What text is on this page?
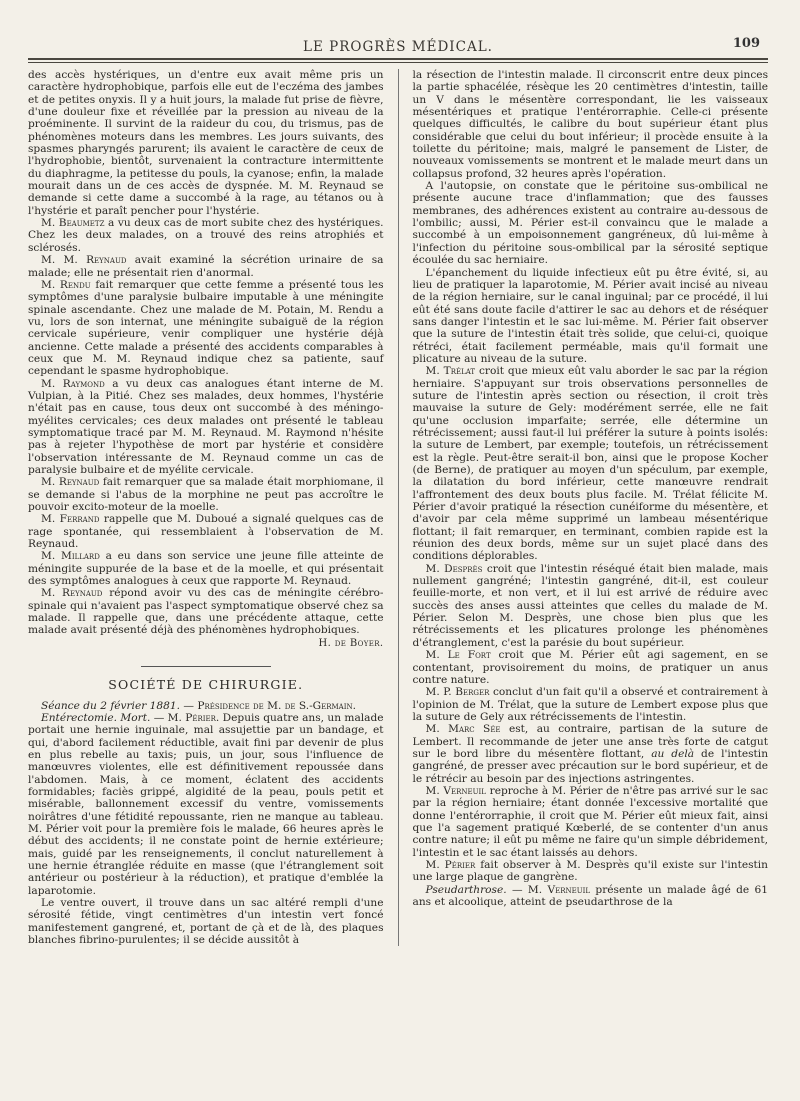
LE PROGRÈS MÉDICAL.	109

des accès hystériques, un d'entre eux avait même pris un caractère hydrophobique, parfois elle eut de l'eczéma des jambes et de petites onyxis. Il y a huit jours, la malade fut prise de fièvre, d'une douleur fixe et réveillée par la pression au niveau de la proéminente. Il survint de la raideur du cou, du trismus, pas de phénomènes moteurs dans les membres. Les jours suivants, des spasmes pharyngés parurent; ils avaient le caractère de ceux de l'hydrophobie, bientôt, survenaient la contracture intermittente du diaphragme, la petitesse du pouls, la cyanose; enfin, la malade mourait dans un de ces accès de dyspnée. M. M. Reynaud se demande si cette dame a succombé à la rage, au tétanos ou à l'hystérie et paraît pencher pour l'hystérie.

M. Beaumetz a vu deux cas de mort subite chez des hystériques. Chez les deux malades, on a trouvé des reins atrophiés et sclérosés.

M. M. Reynaud avait examiné la sécrétion urinaire de sa malade; elle ne présentait rien d'anormal.

M. Rendu fait remarquer que cette femme a présenté tous les symptômes d'une paralysie bulbaire imputable à une méningite spinale ascendante. Chez une malade de M. Potain, M. Rendu a vu, lors de son internat, une méningite subaiguë de la région cervicale supérieure, venir compliquer une hystérie déjà ancienne. Cette malade a présenté des accidents comparables à ceux que M. M. Reynaud indique chez sa patiente, sauf cependant le spasme hydrophobique.

M. Raymond a vu deux cas analogues étant interne de M. Vulpian, à la Pitié. Chez ses malades, deux hommes, l'hystérie n'était pas en cause, tous deux ont succombé à des méningo-myélites cervicales; ces deux malades ont présenté le tableau symptomatique tracé par M. M. Reynaud. M. Raymond n'hésite pas à rejeter l'hypothèse de mort par hystérie et considère l'observation intéressante de M. Reynaud comme un cas de paralysie bulbaire et de myélite cervicale.

M. Reynaud fait remarquer que sa malade était morphiomane, il se demande si l'abus de la morphine ne peut pas accroître le pouvoir excito-moteur de la moelle.

M. Ferrand rappelle que M. Duboué a signalé quelques cas de rage spontanée, qui ressemblaient à l'observation de M. Reynaud.

M. Millard a eu dans son service une jeune fille atteinte de méningite suppurée de la base et de la moelle, et qui présentait des symptômes analogues à ceux que rapporte M. Reynaud.

M. Reynaud répond avoir vu des cas de méningite cérébro-spinale qui n'avaient pas l'aspect symptomatique observé chez sa malade. Il rappelle que, dans une précédente attaque, cette malade avait présenté déjà des phénomènes hydrophobiques.

H. de Boyer.
SOCIÉTÉ DE CHIRURGIE.

Séance du 2 février 1881. — Présidence de M. de S.-Germain.

Entérectomie. Mort. — M. Périer. Depuis quatre ans, un malade portait une hernie inguinale, mal assujettie par un bandage, et qui, d'abord facilement réductible, avait fini par devenir de plus en plus rebelle au taxis; puis, un jour, sous l'influence de manœuvres violentes, elle est définitivement repoussée dans l'abdomen. Mais, à ce moment, éclatent des accidents formidables; faciès grippé, algidité de la peau, pouls petit et misérable, ballonnement excessif du ventre, vomissements noirâtres d'une fétidité repoussante, rien ne manque au tableau. M. Périer voit pour la première fois le malade, 66 heures après le début des accidents; il ne constate point de hernie extérieure; mais, guidé par les renseignements, il conclut naturellement à une hernie étranglée réduite en masse (que l'étranglement soit antérieur ou postérieur à la réduction), et pratique d'emblée la laparotomie.

Le ventre ouvert, il trouve dans un sac altéré rempli d'une sérosité fétide, vingt centimètres d'un intestin vert foncé manifestement gangrené, et, portant de çà et de là, des plaques blanches fibrino-purulentes; il se décide aussitôt à

la résection de l'intestin malade. Il circonscrit entre deux pinces la partie sphacélée, résèque les 20 centimètres d'intestin, taille un V dans le mésentère correspondant, lie les vaisseaux mésentériques et pratique l'entérorraphie. Celle-ci présente quelques difficultés, le calibre du bout supérieur étant plus considérable que celui du bout inférieur; il procède ensuite à la toilette du péritoine; mais, malgré le pansement de Lister, de nouveaux vomissements se montrent et le malade meurt dans un collapsus profond, 32 heures après l'opération.

A l'autopsie, on constate que le péritoine sus-ombilical ne présente aucune trace d'inflammation; que des fausses membranes, des adhérences existent au contraire au-dessous de l'ombilic; aussi, M. Périer est-il convaincu que le malade a succombé à un empoisonnement gangréneux, dû lui-même à l'infection du péritoine sous-ombilical par la sérosité septique écoulée du sac herniaire.

L'épanchement du liquide infectieux eût pu être évité, si, au lieu de pratiquer la laparotomie, M. Périer avait incisé au niveau de la région herniaire, sur le canal inguinal; par ce procédé, il lui eût été sans doute facile d'attirer le sac au dehors et de réséquer sans danger l'intestin et le sac lui-même. M. Périer fait observer que la suture de l'intestin était très solide, que celui-ci, quoique rétréci, était facilement perméable, mais qu'il formait une plicature au niveau de la suture.

M. Trélat croit que mieux eût valu aborder le sac par la région herniaire. S'appuyant sur trois observations personnelles de suture de l'intestin après section ou résection, il croit très mauvaise la suture de Gely: modérément serrée, elle ne fait qu'une occlusion imparfaite; serrée, elle détermine un rétrécissement; aussi faut-il lui préférer la suture à points isolés: la suture de Lembert, par exemple; toutefois, un rétrécissement est la règle. Peut-être serait-il bon, ainsi que le propose Kocher (de Berne), de pratiquer au moyen d'un spéculum, par exemple, la dilatation du bord inférieur, cette manœuvre rendrait l'affrontement des deux bouts plus facile. M. Trélat félicite M. Périer d'avoir pratiqué la résection cunéiforme du mésentère, et d'avoir par cela même supprimé un lambeau mésentérique flottant; il fait remarquer, en terminant, combien rapide est la réunion des deux bords, même sur un sujet placé dans des conditions déplorables.

M. Desprès croit que l'intestin réséqué était bien malade, mais nullement gangréné; l'intestin gangréné, dit-il, est couleur feuille-morte, et non vert, et il lui est arrivé de réduire avec succès des anses aussi atteintes que celles du malade de M. Périer. Selon M. Desprès, une chose bien plus que les rétrécissements et les plicatures prolonge les phénomènes d'étranglement, c'est la parésie du bout supérieur.

M. Le Fort croit que M. Périer eût agi sagement, en se contentant, provisoirement du moins, de pratiquer un anus contre nature.

M. P. Berger conclut d'un fait qu'il a observé et contrairement à l'opinion de M. Trélat, que la suture de Lembert expose plus que la suture de Gely aux rétrécissements de l'intestin.

M. Marc Sée est, au contraire, partisan de la suture de Lembert. Il recommande de jeter une anse très forte de catgut sur le bord libre du mésentère flottant, au delà de l'intestin gangréné, de presser avec précaution sur le bord supérieur, et de le rétrécir au besoin par des injections astringentes.

M. Verneuil reproche à M. Périer de n'être pas arrivé sur le sac par la région herniaire; étant donnée l'excessive mortalité que donne l'entérorraphie, il croit que M. Périer eût mieux fait, ainsi que l'a sagement pratiqué Kœberlé, de se contenter d'un anus contre nature; il eût pu même ne faire qu'un simple débridement, l'intestin et le sac étant laissés au dehors.

M. Périer fait observer à M. Desprès qu'il existe sur l'intestin une large plaque de gangrène.

Pseudarthrose. — M. Verneuil présente un malade âgé de 61 ans et alcoolique, atteint de pseudarthrose de la
